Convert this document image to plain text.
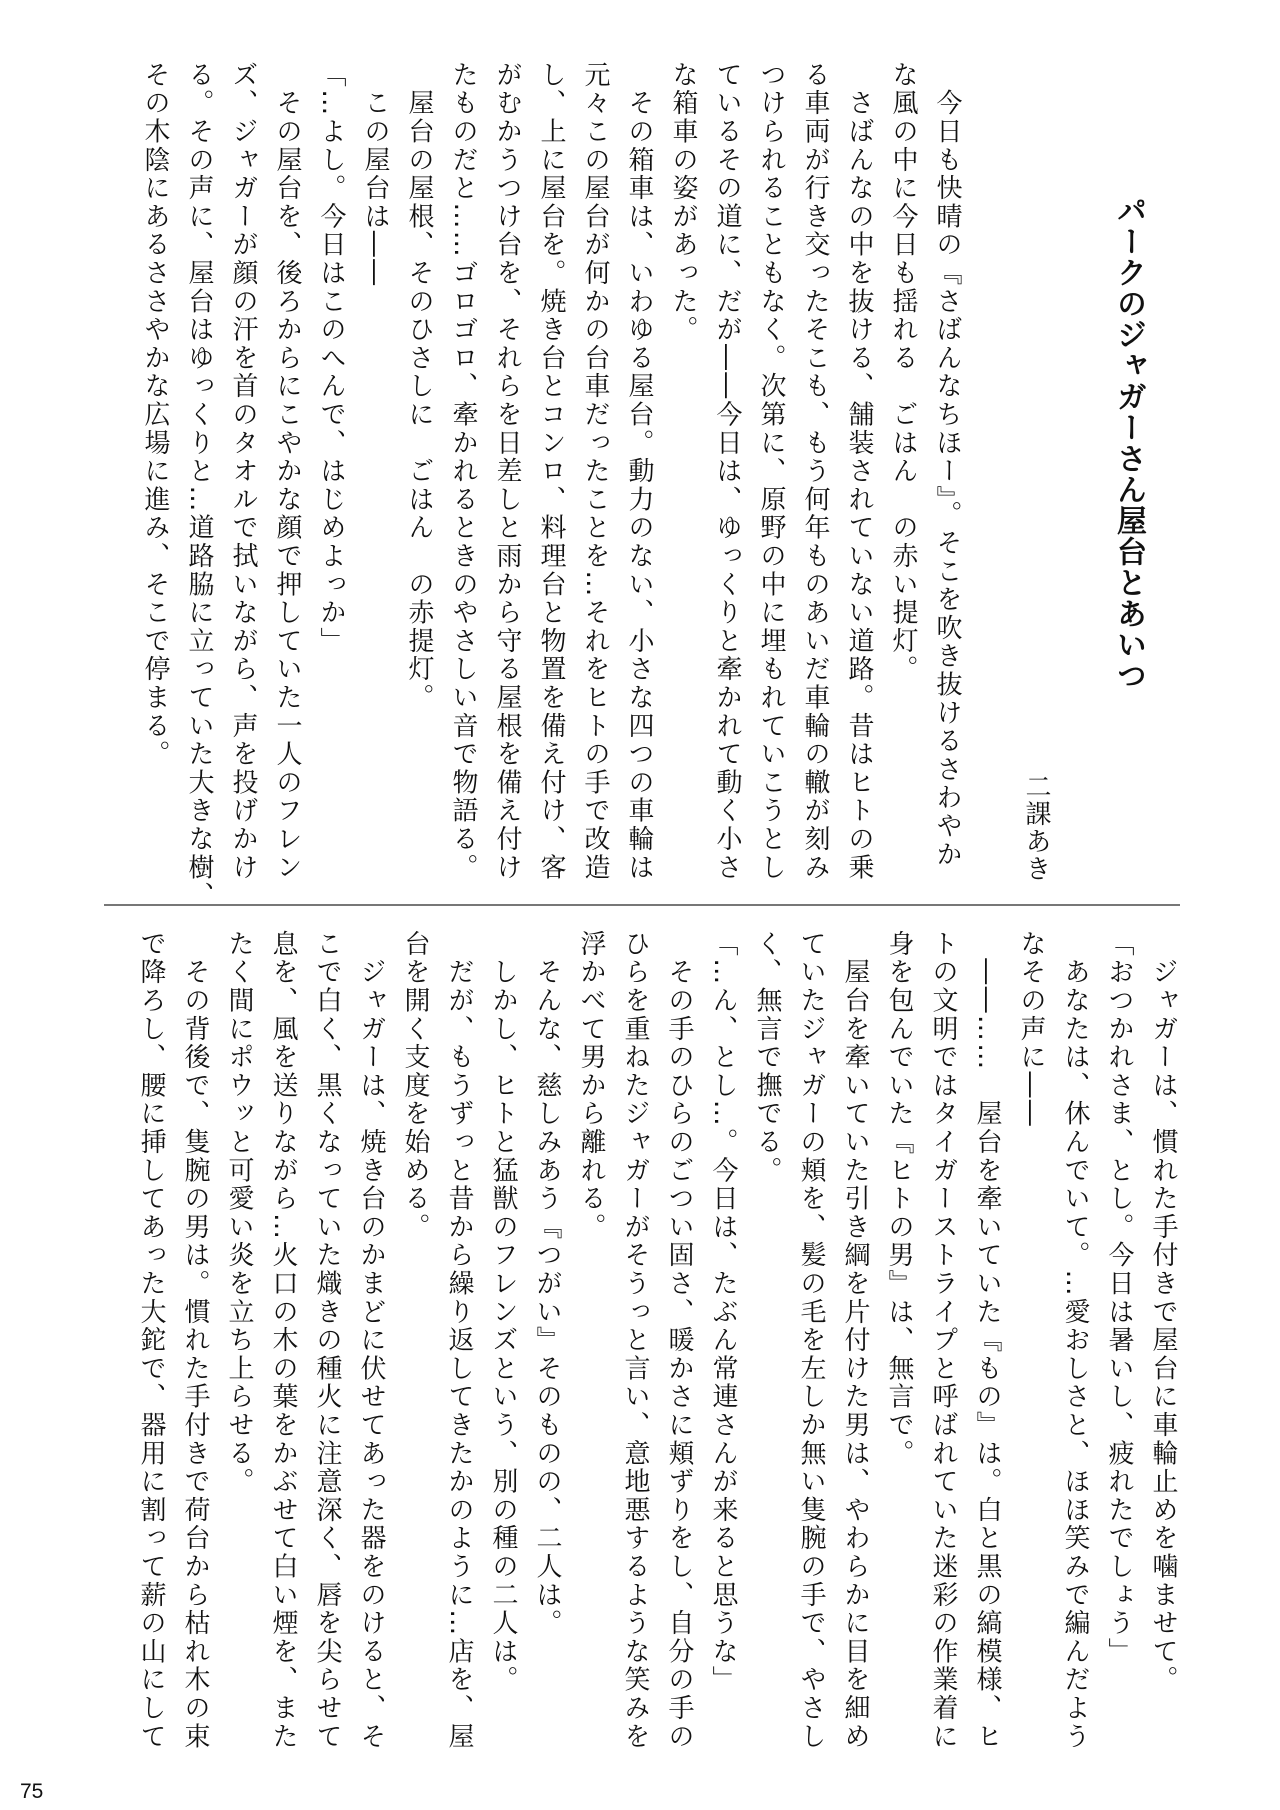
パークのジャガーさん屋台とあいつ
二課あき
　今日も快晴の『さばんなちほー』。そこを吹き抜けるさわやか
な風の中に今日も揺れる　ごはん　の赤い提灯。
　さばんなの中を抜ける、舗装されていない道路。昔はヒトの乗
る車両が行き交ったそこも、もう何年ものあいだ車輪の轍が刻み
つけられることもなく。次第に、原野の中に埋もれていこうとし
ているその道に、だが――今日は、ゆっくりと牽かれて動く小さ
な箱車の姿があった。
　その箱車は、いわゆる屋台。動力のない、小さな四つの車輪は
元々この屋台が何かの台車だったことを…それをヒトの手で改造
し、上に屋台を。焼き台とコンロ、料理台と物置を備え付け、客
がむかうつけ台を、それらを日差しと雨から守る屋根を備え付け
たものだと……ゴロゴロ、牽かれるときのやさしい音で物語る。
　屋台の屋根、そのひさしに　ごはん　の赤提灯。
　この屋台は――
「…よし。今日はこのへんで、はじめよっか」
　その屋台を、後ろからにこやかな顔で押していた一人のフレン
ズ、ジャガーが顔の汗を首のタオルで拭いながら、声を投げかけ
る。その声に、屋台はゆっくりと…道路脇に立っていた大きな樹、
その木陰にあるささやかな広場に進み、そこで停まる。
　ジャガーは、慣れた手付きで屋台に車輪止めを噛ませて。
「おつかれさま、とし。今日は暑いし、疲れたでしょう」
　あなたは、休んでいて。…愛おしさと、ほほ笑みで編んだよう
なその声に――
　――……　屋台を牽いていた『もの』は。白と黒の縞模様、ヒ
トの文明ではタイガーストライプと呼ばれていた迷彩の作業着に
身を包んでいた『ヒトの男』は、無言で。
　屋台を牽いていた引き綱を片付けた男は、やわらかに目を細め
ていたジャガーの頬を、髪の毛を左しか無い隻腕の手で、やさし
く、無言で撫でる。
「…ん、とし…。今日は、たぶん常連さんが来ると思うな」
　その手のひらのごつい固さ、暖かさに頬ずりをし、自分の手の
ひらを重ねたジャガーがそうっと言い、意地悪するような笑みを
浮かべて男から離れる。
　そんな、慈しみあう『つがい』そのものの、二人は。
　しかし、ヒトと猛獣のフレンズという、別の種の二人は。
　だが、もうずっと昔から繰り返してきたかのように…店を、屋
台を開く支度を始める。
　ジャガーは、焼き台のかまどに伏せてあった器をのけると、そ
こで白く、黒くなっていた熾きの種火に注意深く、唇を尖らせて
息を、風を送りながら…火口の木の葉をかぶせて白い煙を、また
たく間にポウッと可愛い炎を立ち上らせる。
　その背後で、隻腕の男は。慣れた手付きで荷台から枯れ木の束
で降ろし、腰に挿してあった大鉈で、器用に割って薪の山にして
75
